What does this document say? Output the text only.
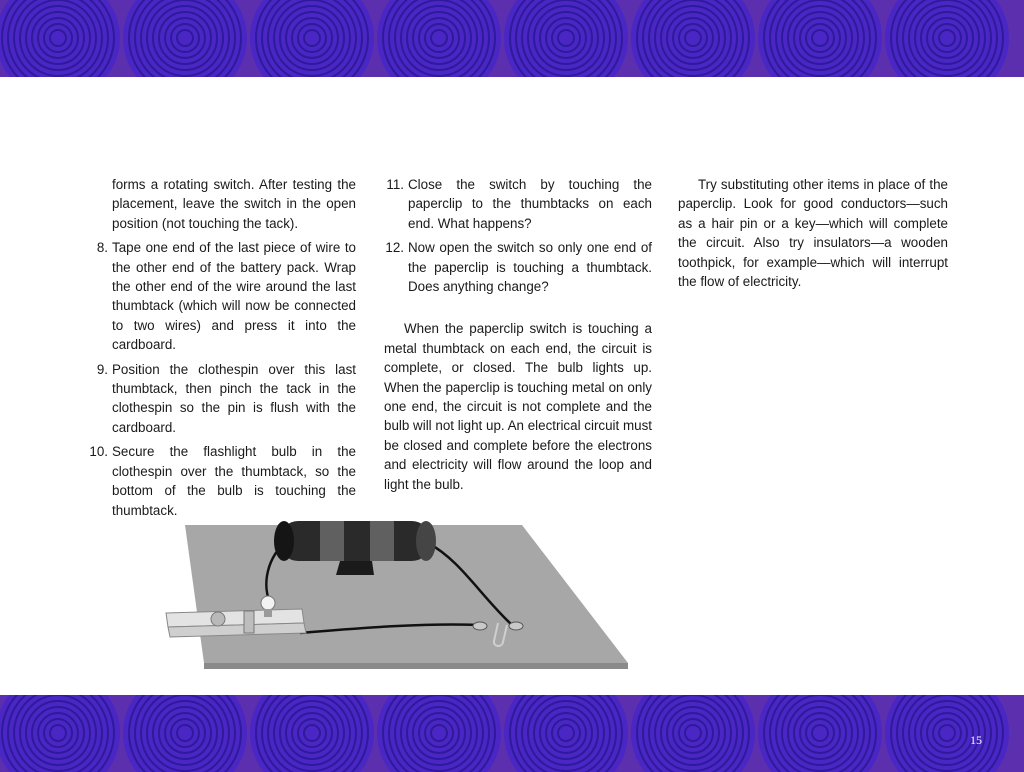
forms a rotating switch. After testing the placement, leave the switch in the open position (not touching the tack).

8. Tape one end of the last piece of wire to the other end of the battery pack. Wrap the other end of the wire around the last thumbtack (which will now be connected to two wires) and press it into the cardboard.
9. Position the clothespin over this last thumbtack, then pinch the tack in the clothespin so the pin is flush with the cardboard.
10. Secure the flashlight bulb in the clothespin over the thumbtack, so the bottom of the bulb is touching the thumbtack.
11. Close the switch by touching the paperclip to the thumbtacks on each end. What happens?
12. Now open the switch so only one end of the paperclip is touching a thumbtack. Does anything change?

When the paperclip switch is touching a metal thumbtack on each end, the circuit is complete, or closed. The bulb lights up. When the paperclip is touching metal on only one end, the circuit is not complete and the bulb will not light up. An electrical circuit must be closed and complete before the electrons and electricity will flow around the loop and light the bulb.

Try substituting other items in place of the paperclip. Look for good conductors—such as a hair pin or a key—which will complete the circuit. Also try insulators—a wooden toothpick, for example—which will interrupt the flow of electricity.

15
